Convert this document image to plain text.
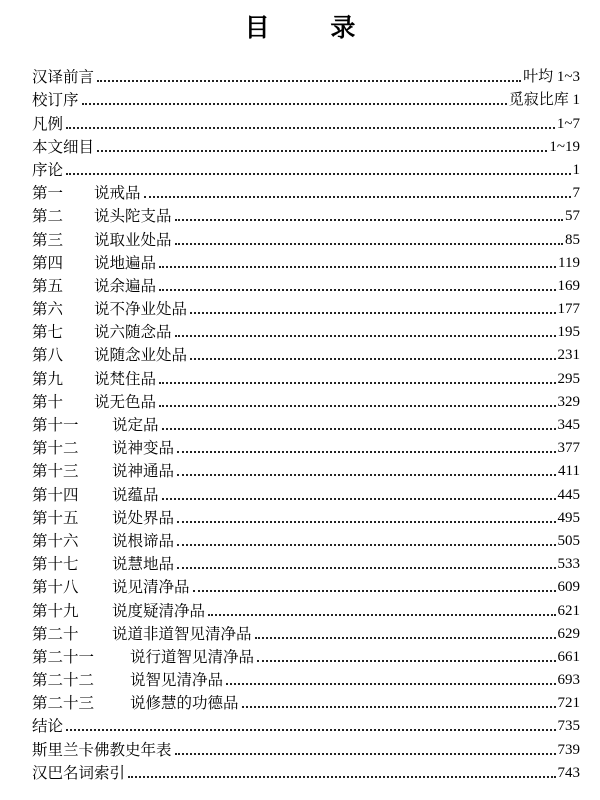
目 录
汉译前言	叶均 1~3
校订序	觅寂比库 1
凡例	1~7
本文细目	1~19
序论	1
第一	说戒品	7
第二	说头陀支品	57
第三	说取业处品	85
第四	说地遍品	119
第五	说余遍品	169
第六	说不净业处品	177
第七	说六随念品	195
第八	说随念业处品	231
第九	说梵住品	295
第十	说无色品	329
第十一	说定品	345
第十二	说神变品	377
第十三	说神通品	411
第十四	说蕴品	445
第十五	说处界品	495
第十六	说根谛品	505
第十七	说慧地品	533
第十八	说见清净品	609
第十九	说度疑清净品	621
第二十	说道非道智见清净品	629
第二十一	说行道智见清净品	661
第二十二	说智见清净品	693
第二十三	说修慧的功德品	721
结论	735
斯里兰卡佛教史年表	739
汉巴名词索引	743
